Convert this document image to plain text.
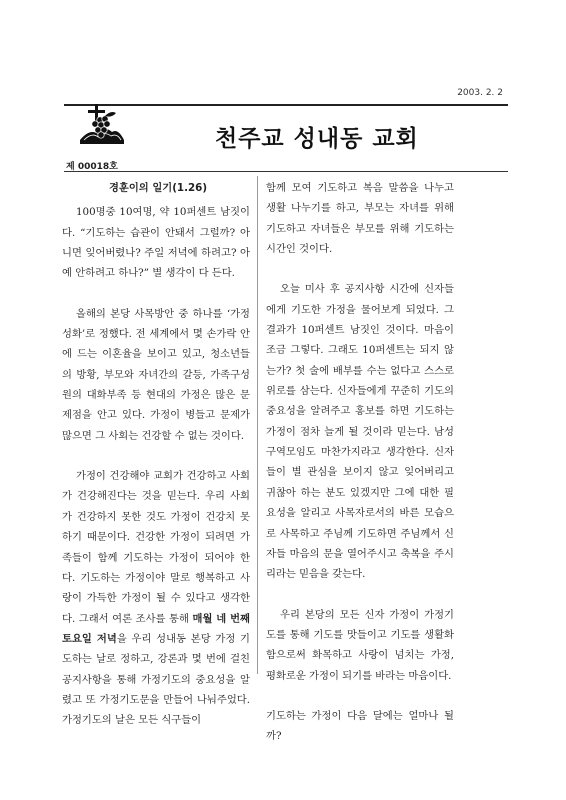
2003. 2. 2
천주교 성내동 교회
제 00018호
경훈이의 일기(1.26)

100명중 10여명, 약 10퍼센트 남짓이다. “기도하는 습관이 안돼서 그럴까? 아니면 잊어버렸나? 주일 저녁에 하려고? 아예 안하려고 하나?” 별 생각이 다 든다.

올해의 본당 사목방안 중 하나를 ‘가정성화’로 정했다. 전 세계에서 몇 손가락 안에 드는 이혼율을 보이고 있고, 청소년들의 방황, 부모와 자녀간의 갈등, 가족구성원의 대화부족 등 현대의 가정은 많은 문제점을 안고 있다. 가정이 병들고 문제가 많으면 그 사회는 건강할 수 없는 것이다.

가정이 건강해야 교회가 건강하고 사회가 건강해진다는 것을 믿는다. 우리 사회가 건강하지 못한 것도 가정이 건강치 못하기 때문이다. 건강한 가정이 되려면 가족들이 함께 기도하는 가정이 되어야 한다. 기도하는 가정이야 말로 행복하고 사랑이 가득한 가정이 될 수 있다고 생각한다. 그래서 여론 조사를 통해 매월 네 번째 토요일 저녁을 우리 성내동 본당 가정 기도하는 날로 정하고, 강론과 몇 번에 걸친 공지사항을 통해 가정기도의 중요성을 알렸고 또 가정기도문을 만들어 나눠주었다. 가정기도의 날은 모든 식구들이

함께 모여 기도하고 복음 말씀을 나누고 생활 나누기를 하고, 부모는 자녀를 위해 기도하고 자녀들은 부모를 위해 기도하는 시간인 것이다.

오늘 미사 후 공지사항 시간에 신자들에게 기도한 가정을 물어보게 되었다. 그 결과가 10퍼센트 남짓인 것이다. 마음이 조금 그렇다. 그래도 10퍼센트는 되지 않는가? 첫 술에 배부를 수는 없다고 스스로 위로를 삼는다. 신자들에게 꾸준히 기도의 중요성을 알려주고 홍보를 하면 기도하는 가정이 점차 늘게 될 것이라 믿는다. 남성 구역모임도 마찬가지라고 생각한다. 신자들이 별 관심을 보이지 않고 잊어버리고 귀찮아 하는 분도 있겠지만 그에 대한 필요성을 알리고 사목자로서의 바른 모습으로 사목하고 주님께 기도하면 주님께서 신자들 마음의 문을 열어주시고 축복을 주시리라는 믿음을 갖는다.

우리 본당의 모든 신자 가정이 가정기도를 통해 기도를 맛들이고 기도를 생활화함으로써 화목하고 사랑이 넘치는 가정, 평화로운 가정이 되기를 바라는 마음이다.

기도하는 가정이 다음 달에는 얼마나 될까?
